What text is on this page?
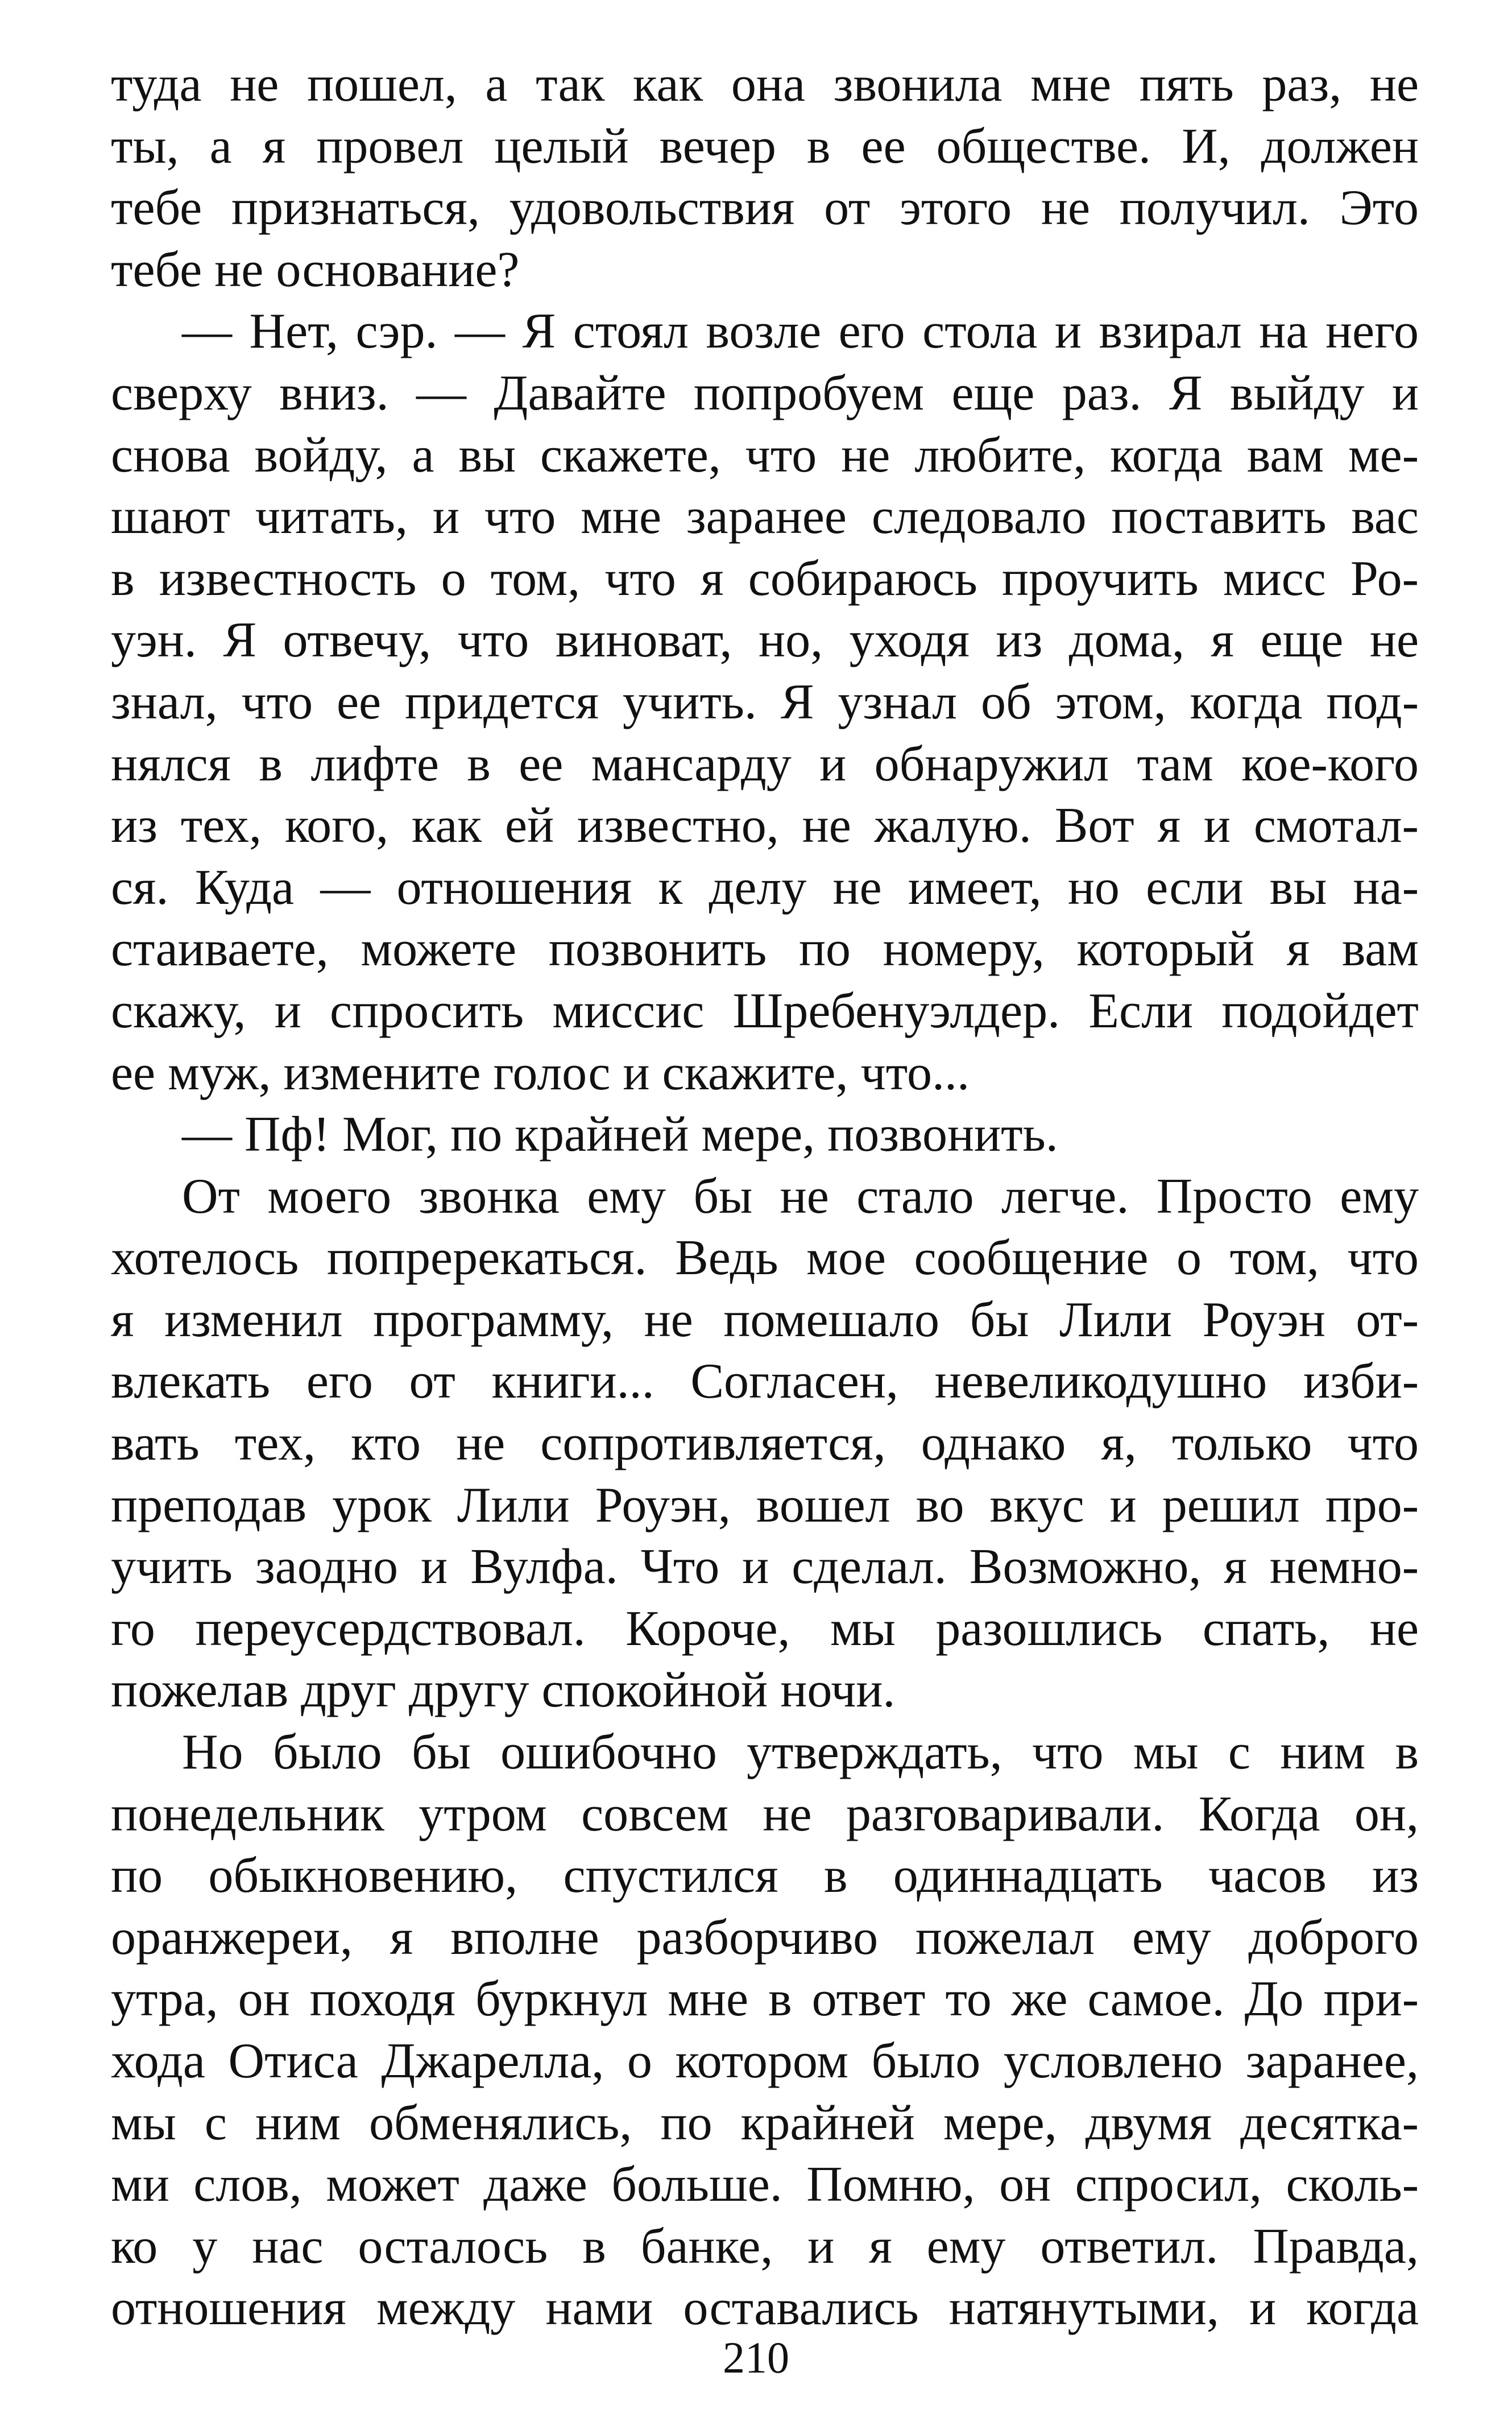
туда не пошел, а так как она звонила мне пять раз, не
ты, а я провел целый вечер в ее обществе. И, должен
тебе признаться, удовольствия от этого не получил. Это
тебе не основание?
— Нет, сэр. — Я стоял возле его стола и взирал на него
сверху вниз. — Давайте попробуем еще раз. Я выйду и
снова войду, а вы скажете, что не любите, когда вам ме-
шают читать, и что мне заранее следовало поставить вас
в известность о том, что я собираюсь проучить мисс Ро-
уэн. Я отвечу, что виноват, но, уходя из дома, я еще не
знал, что ее придется учить. Я узнал об этом, когда под-
нялся в лифте в ее мансарду и обнаружил там кое-кого
из тех, кого, как ей известно, не жалую. Вот я и смотал-
ся. Куда — отношения к делу не имеет, но если вы на-
стаиваете, можете позвонить по номеру, который я вам
скажу, и спросить миссис Шребенуэлдер. Если подойдет
ее муж, измените голос и скажите, что...
— Пф! Мог, по крайней мере, позвонить.
От моего звонка ему бы не стало легче. Просто ему
хотелось попререкаться. Ведь мое сообщение о том, что
я изменил программу, не помешало бы Лили Роуэн от-
влекать его от книги... Согласен, невеликодушно изби-
вать тех, кто не сопротивляется, однако я, только что
преподав урок Лили Роуэн, вошел во вкус и решил про-
учить заодно и Вулфа. Что и сделал. Возможно, я немно-
го переусердствовал. Короче, мы разошлись спать, не
пожелав друг другу спокойной ночи.
Но было бы ошибочно утверждать, что мы с ним в
понедельник утром совсем не разговаривали. Когда он,
по обыкновению, спустился в одиннадцать часов из
оранжереи, я вполне разборчиво пожелал ему доброго
утра, он походя буркнул мне в ответ то же самое. До при-
хода Отиса Джарелла, о котором было условлено заранее,
мы с ним обменялись, по крайней мере, двумя десятка-
ми слов, может даже больше. Помню, он спросил, сколь-
ко у нас осталось в банке, и я ему ответил. Правда,
отношения между нами оставались натянутыми, и когда
210
